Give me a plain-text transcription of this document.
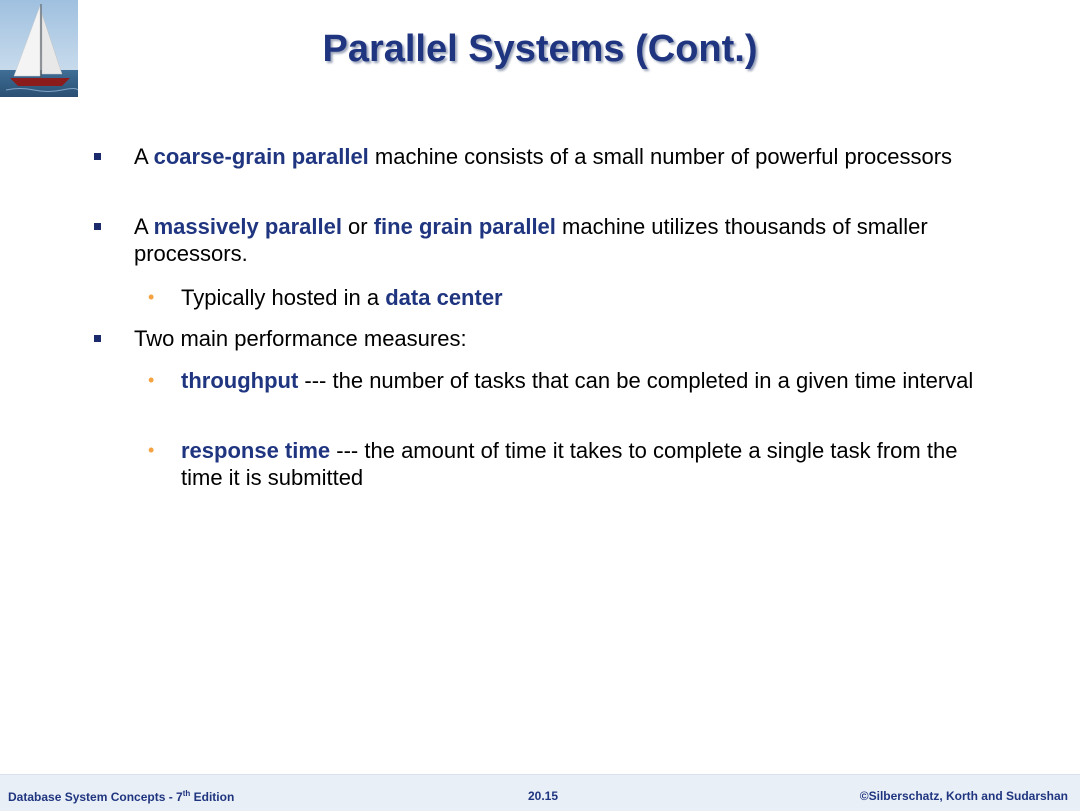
Parallel Systems (Cont.)
A coarse-grain parallel machine consists of a small number of powerful processors
A massively parallel or fine grain parallel machine utilizes thousands of smaller processors.
• Typically hosted in a data center
Two main performance measures:
• throughput --- the number of tasks that can be completed in a given time interval
• response time --- the amount of time it takes to complete a single task from the time it is submitted
Database System Concepts - 7th Edition	20.15	©Silberschatz, Korth and Sudarshan
